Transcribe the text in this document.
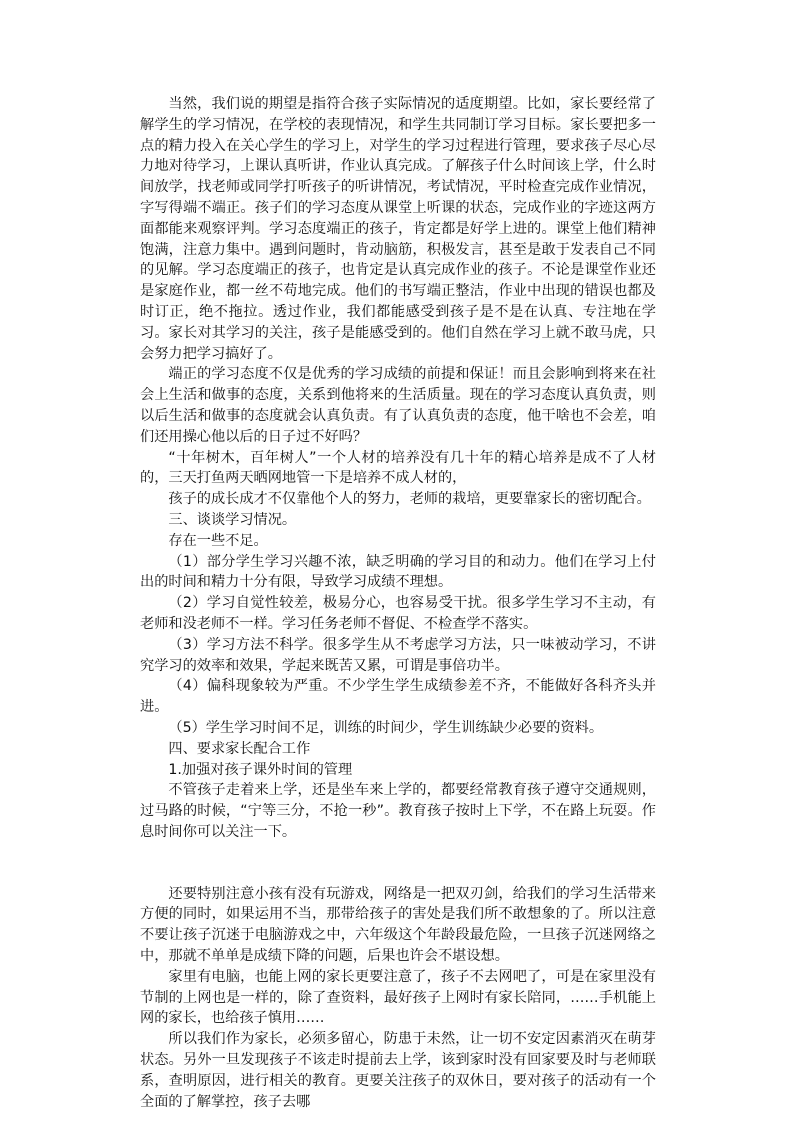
当然，我们说的期望是指符合孩子实际情况的适度期望。比如，家长要经常了解学生的学习情况，在学校的表现情况，和学生共同制订学习目标。家长要把多一点的精力投入在关心学生的学习上，对学生的学习过程进行管理，要求孩子尽心尽力地对待学习，上课认真听讲，作业认真完成。了解孩子什么时间该上学，什么时间放学，找老师或同学打听孩子的听讲情况，考试情况，平时检查完成作业情况，字写得端不端正。孩子们的学习态度从课堂上听课的状态，完成作业的字迹这两方面都能来观察评判。学习态度端正的孩子，肯定都是好学上进的。课堂上他们精神饱满，注意力集中。遇到问题时，肯动脑筋，积极发言，甚至是敢于发表自己不同的见解。学习态度端正的孩子，也肯定是认真完成作业的孩子。不论是课堂作业还是家庭作业，都一丝不苟地完成。他们的书写端正整洁，作业中出现的错误也都及时订正，绝不拖拉。透过作业，我们都能感受到孩子是不是在认真、专注地在学习。家长对其学习的关注，孩子是能感受到的。他们自然在学习上就不敢马虎，只会努力把学习搞好了。

端正的学习态度不仅是优秀的学习成绩的前提和保证！而且会影响到将来在社会上生活和做事的态度，关系到他将来的生活质量。现在的学习态度认真负责，则以后生活和做事的态度就会认真负责。有了认真负责的态度，他干啥也不会差，咱们还用操心他以后的日子过不好吗？

“十年树木，百年树人”一个人材的培养没有几十年的精心培养是成不了人材的，三天打鱼两天晒网地管一下是培养不成人材的，

孩子的成长成才不仅靠他个人的努力，老师的栽培，更要靠家长的密切配合。

三、谈谈学习情况。

存在一些不足。

（1）部分学生学习兴趣不浓，缺乏明确的学习目的和动力。他们在学习上付出的时间和精力十分有限，导致学习成绩不理想。

（2）学习自觉性较差，极易分心，也容易受干扰。很多学生学习不主动，有老师和没老师不一样。学习任务老师不督促、不检查学不落实。

（3）学习方法不科学。很多学生从不考虑学习方法，只一味被动学习，不讲究学习的效率和效果，学起来既苦又累，可谓是事倍功半。

（4）偏科现象较为严重。不少学生学生成绩参差不齐，不能做好各科齐头并进。

（5）学生学习时间不足，训练的时间少，学生训练缺少必要的资料。

四、要求家长配合工作

1.加强对孩子课外时间的管理

不管孩子走着来上学，还是坐车来上学的，都要经常教育孩子遵守交通规则，过马路的时候，“宁等三分，不抢一秒”。教育孩子按时上下学，不在路上玩耍。作息时间你可以关注一下。

还要特别注意小孩有没有玩游戏，网络是一把双刃剑，给我们的学习生活带来方便的同时，如果运用不当，那带给孩子的害处是我们所不敢想象的了。所以注意不要让孩子沉迷于电脑游戏之中，六年级这个年龄段最危险，一旦孩子沉迷网络之中，那就不单单是成绩下降的问题，后果也许会不堪设想。

家里有电脑，也能上网的家长更要注意了，孩子不去网吧了，可是在家里没有节制的上网也是一样的，除了查资料，最好孩子上网时有家长陪同，……手机能上网的家长，也给孩子慎用……

所以我们作为家长，必须多留心，防患于未然，让一切不安定因素消灭在萌芽状态。另外一旦发现孩子不该走时提前去上学，该到家时没有回家要及时与老师联系，查明原因，进行相关的教育。更要关注孩子的双休日，要对孩子的活动有一个全面的了解掌控，孩子去哪
